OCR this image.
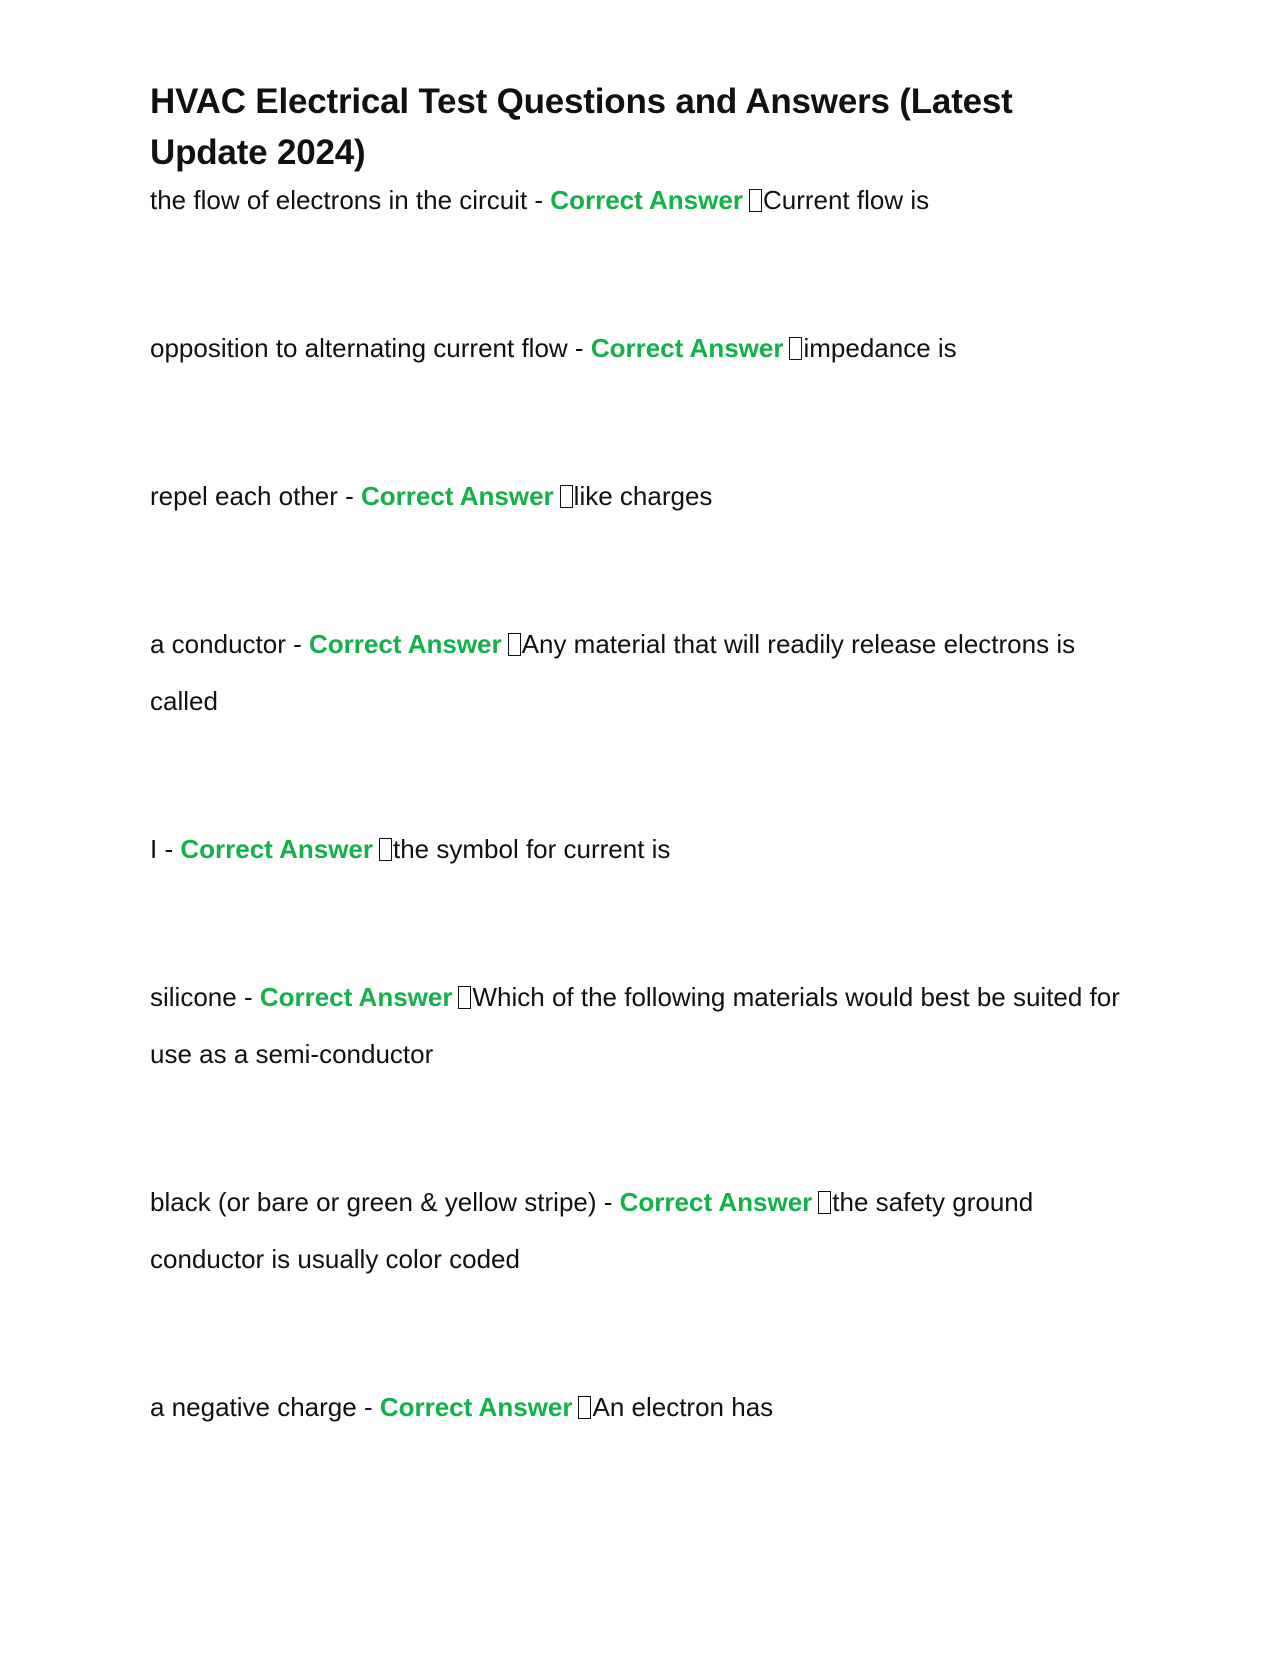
HVAC Electrical Test Questions and Answers (Latest Update 2024)
the flow of electrons in the circuit - Correct Answer Current flow is
opposition to alternating current flow - Correct Answer impedance is
repel each other - Correct Answer like charges
a conductor - Correct Answer Any material that will readily release electrons is called
I - Correct Answer the symbol for current is
silicone - Correct Answer Which of the following materials would best be suited for use as a semi-conductor
black (or bare or green & yellow stripe) - Correct Answer the safety ground conductor is usually color coded
a negative charge - Correct Answer An electron has
